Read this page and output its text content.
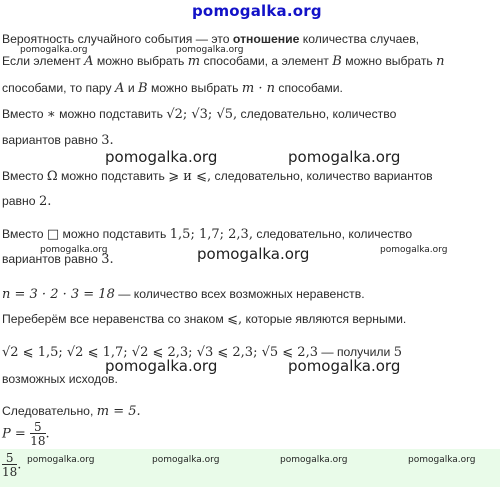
pomogalka.org
Вероятность случайного события — это отношение количества случаев,
pomogalka.org	pomogalka.org
Если элемент A можно выбрать m способами, а элемент B можно выбрать n
способами, то пару A и B можно выбрать m · n способами.
Вместо ∗ можно подставить √2; √3; √5, следовательно, количество
вариантов равно 3.
pomogalka.org	pomogalka.org
Вместо Ω можно подставить ⩾ и ⩽, следовательно, количество вариантов
равно 2.
Вместо □ можно подставить 1,5; 1,7; 2,3, следовательно, количество
pomogalka.org	pomogalka.org	pomogalka.org
вариантов равно 3.
n = 3 · 2 · 3 = 18 — количество всех возможных неравенств.
Переберём все неравенства со знаком ⩽, которые являются верными.
√2 ⩽ 1,5; √2 ⩽ 1,7; √2 ⩽ 2,3; √3 ⩽ 2,3; √5 ⩽ 2,3 — получили 5
pomogalka.org	pomogalka.org
возможных исходов.
Следовательно, m = 5.
$P = \frac{5}{18}$ .
$\frac{5}{18}$ . pomogalka.org	pomogalka.org	pomogalka.org	pomogalka.org
